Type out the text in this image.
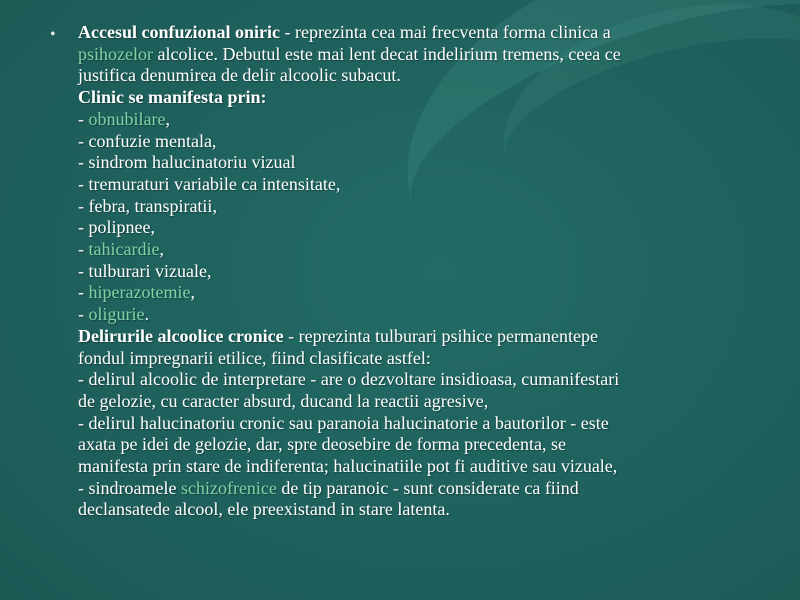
• Accesul confuzional oniric - reprezinta cea mai frecventa forma clinica a
psihozelor alcolice. Debutul este mai lent decat indelirium tremens, ceea ce
justifica denumirea de delir alcoolic subacut.
Clinic se manifesta prin:
- obnubilare,
- confuzie mentala,
- sindrom halucinatoriu vizual
- tremuraturi variabile ca intensitate,
- febra, transpiratii,
- polipnee,
- tahicardie,
- tulburari vizuale,
- hiperazotemie,
- oligurie.
Delirurile alcoolice cronice - reprezinta tulburari psihice permanentepe
fondul impregnarii etilice, fiind clasificate astfel:
- delirul alcoolic de interpretare - are o dezvoltare insidioasa, cumanifestari
de gelozie, cu caracter absurd, ducand la reactii agresive,
- delirul halucinatoriu cronic sau paranoia halucinatorie a bautorilor - este
axata pe idei de gelozie, dar, spre deosebire de forma precedenta, se
manifesta prin stare de indiferenta; halucinatiile pot fi auditive sau vizuale,
- sindroamele schizofrenice de tip paranoic - sunt considerate ca fiind
declansatede alcool, ele preexistand in stare latenta.
